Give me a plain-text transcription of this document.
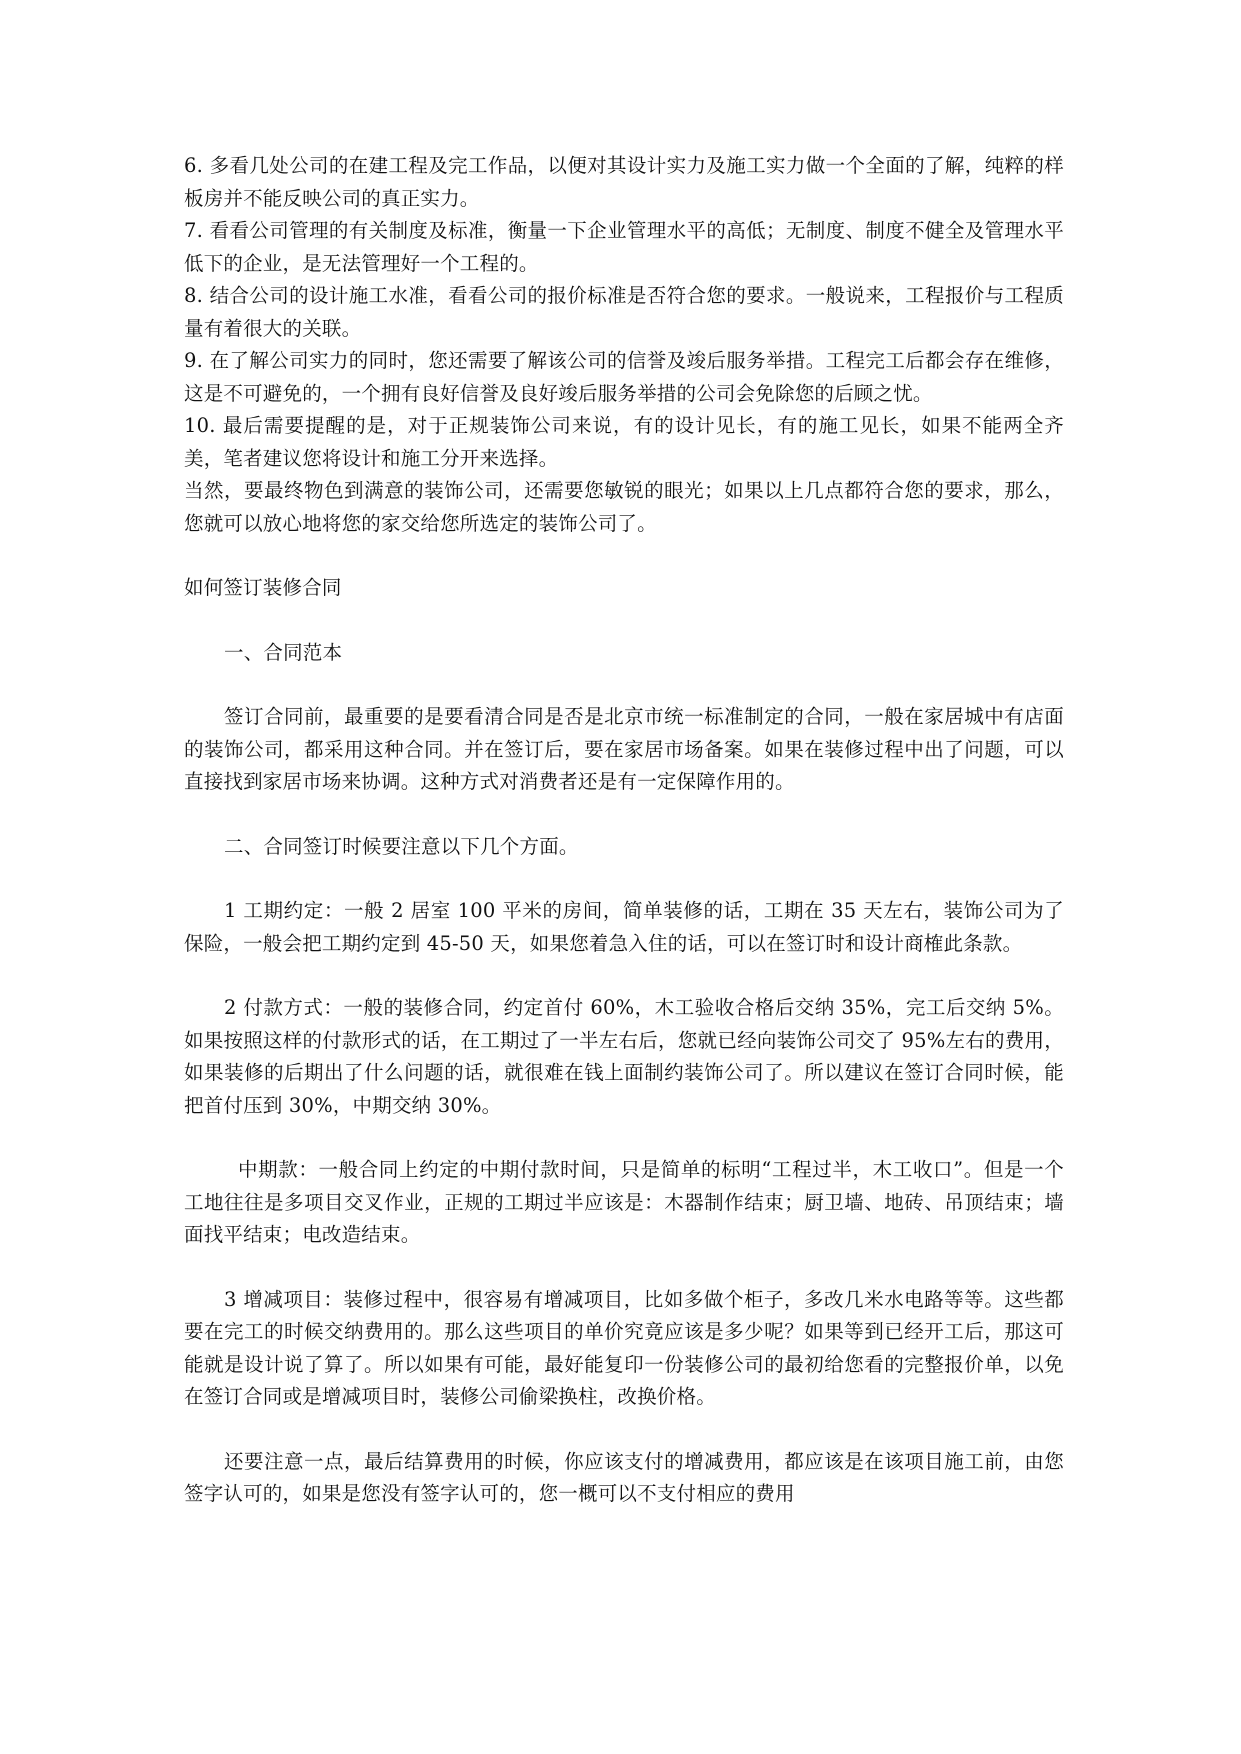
6. 多看几处公司的在建工程及完工作品，以便对其设计实力及施工实力做一个全面的了解，纯粹的样板房并不能反映公司的真正实力。

7. 看看公司管理的有关制度及标准，衡量一下企业管理水平的高低；无制度、制度不健全及管理水平低下的企业，是无法管理好一个工程的。

8. 结合公司的设计施工水准，看看公司的报价标准是否符合您的要求。一般说来，工程报价与工程质量有着很大的关联。

9. 在了解公司实力的同时，您还需要了解该公司的信誉及竣后服务举措。工程完工后都会存在维修，这是不可避免的，一个拥有良好信誉及良好竣后服务举措的公司会免除您的后顾之忧。

10. 最后需要提醒的是，对于正规装饰公司来说，有的设计见长，有的施工见长，如果不能两全齐美，笔者建议您将设计和施工分开来选择。

当然，要最终物色到满意的装饰公司，还需要您敏锐的眼光；如果以上几点都符合您的要求，那么，您就可以放心地将您的家交给您所选定的装饰公司了。

如何签订装修合同

一、合同范本

签订合同前，最重要的是要看清合同是否是北京市统一标准制定的合同，一般在家居城中有店面的装饰公司，都采用这种合同。并在签订后，要在家居市场备案。如果在装修过程中出了问题，可以直接找到家居市场来协调。这种方式对消费者还是有一定保障作用的。

二、合同签订时候要注意以下几个方面。

1 工期约定：一般 2 居室 100 平米的房间，简单装修的话，工期在 35 天左右，装饰公司为了保险，一般会把工期约定到 45-50 天，如果您着急入住的话，可以在签订时和设计商榷此条款。

2 付款方式：一般的装修合同，约定首付 60%，木工验收合格后交纳 35%，完工后交纳 5%。如果按照这样的付款形式的话，在工期过了一半左右后，您就已经向装饰公司交了 95%左右的费用，如果装修的后期出了什么问题的话，就很难在钱上面制约装饰公司了。所以建议在签订合同时候，能把首付压到 30%，中期交纳 30%。

中期款：一般合同上约定的中期付款时间，只是简单的标明“工程过半，木工收口”。但是一个工地往往是多项目交叉作业，正规的工期过半应该是：木器制作结束；厨卫墙、地砖、吊顶结束；墙面找平结束；电改造结束。

3 增减项目：装修过程中，很容易有增减项目，比如多做个柜子，多改几米水电路等等。这些都要在完工的时候交纳费用的。那么这些项目的单价究竟应该是多少呢？如果等到已经开工后，那这可能就是设计说了算了。所以如果有可能，最好能复印一份装修公司的最初给您看的完整报价单，以免在签订合同或是增减项目时，装修公司偷梁换柱，改换价格。

还要注意一点，最后结算费用的时候，你应该支付的增减费用，都应该是在该项目施工前，由您签字认可的，如果是您没有签字认可的，您一概可以不支付相应的费用
